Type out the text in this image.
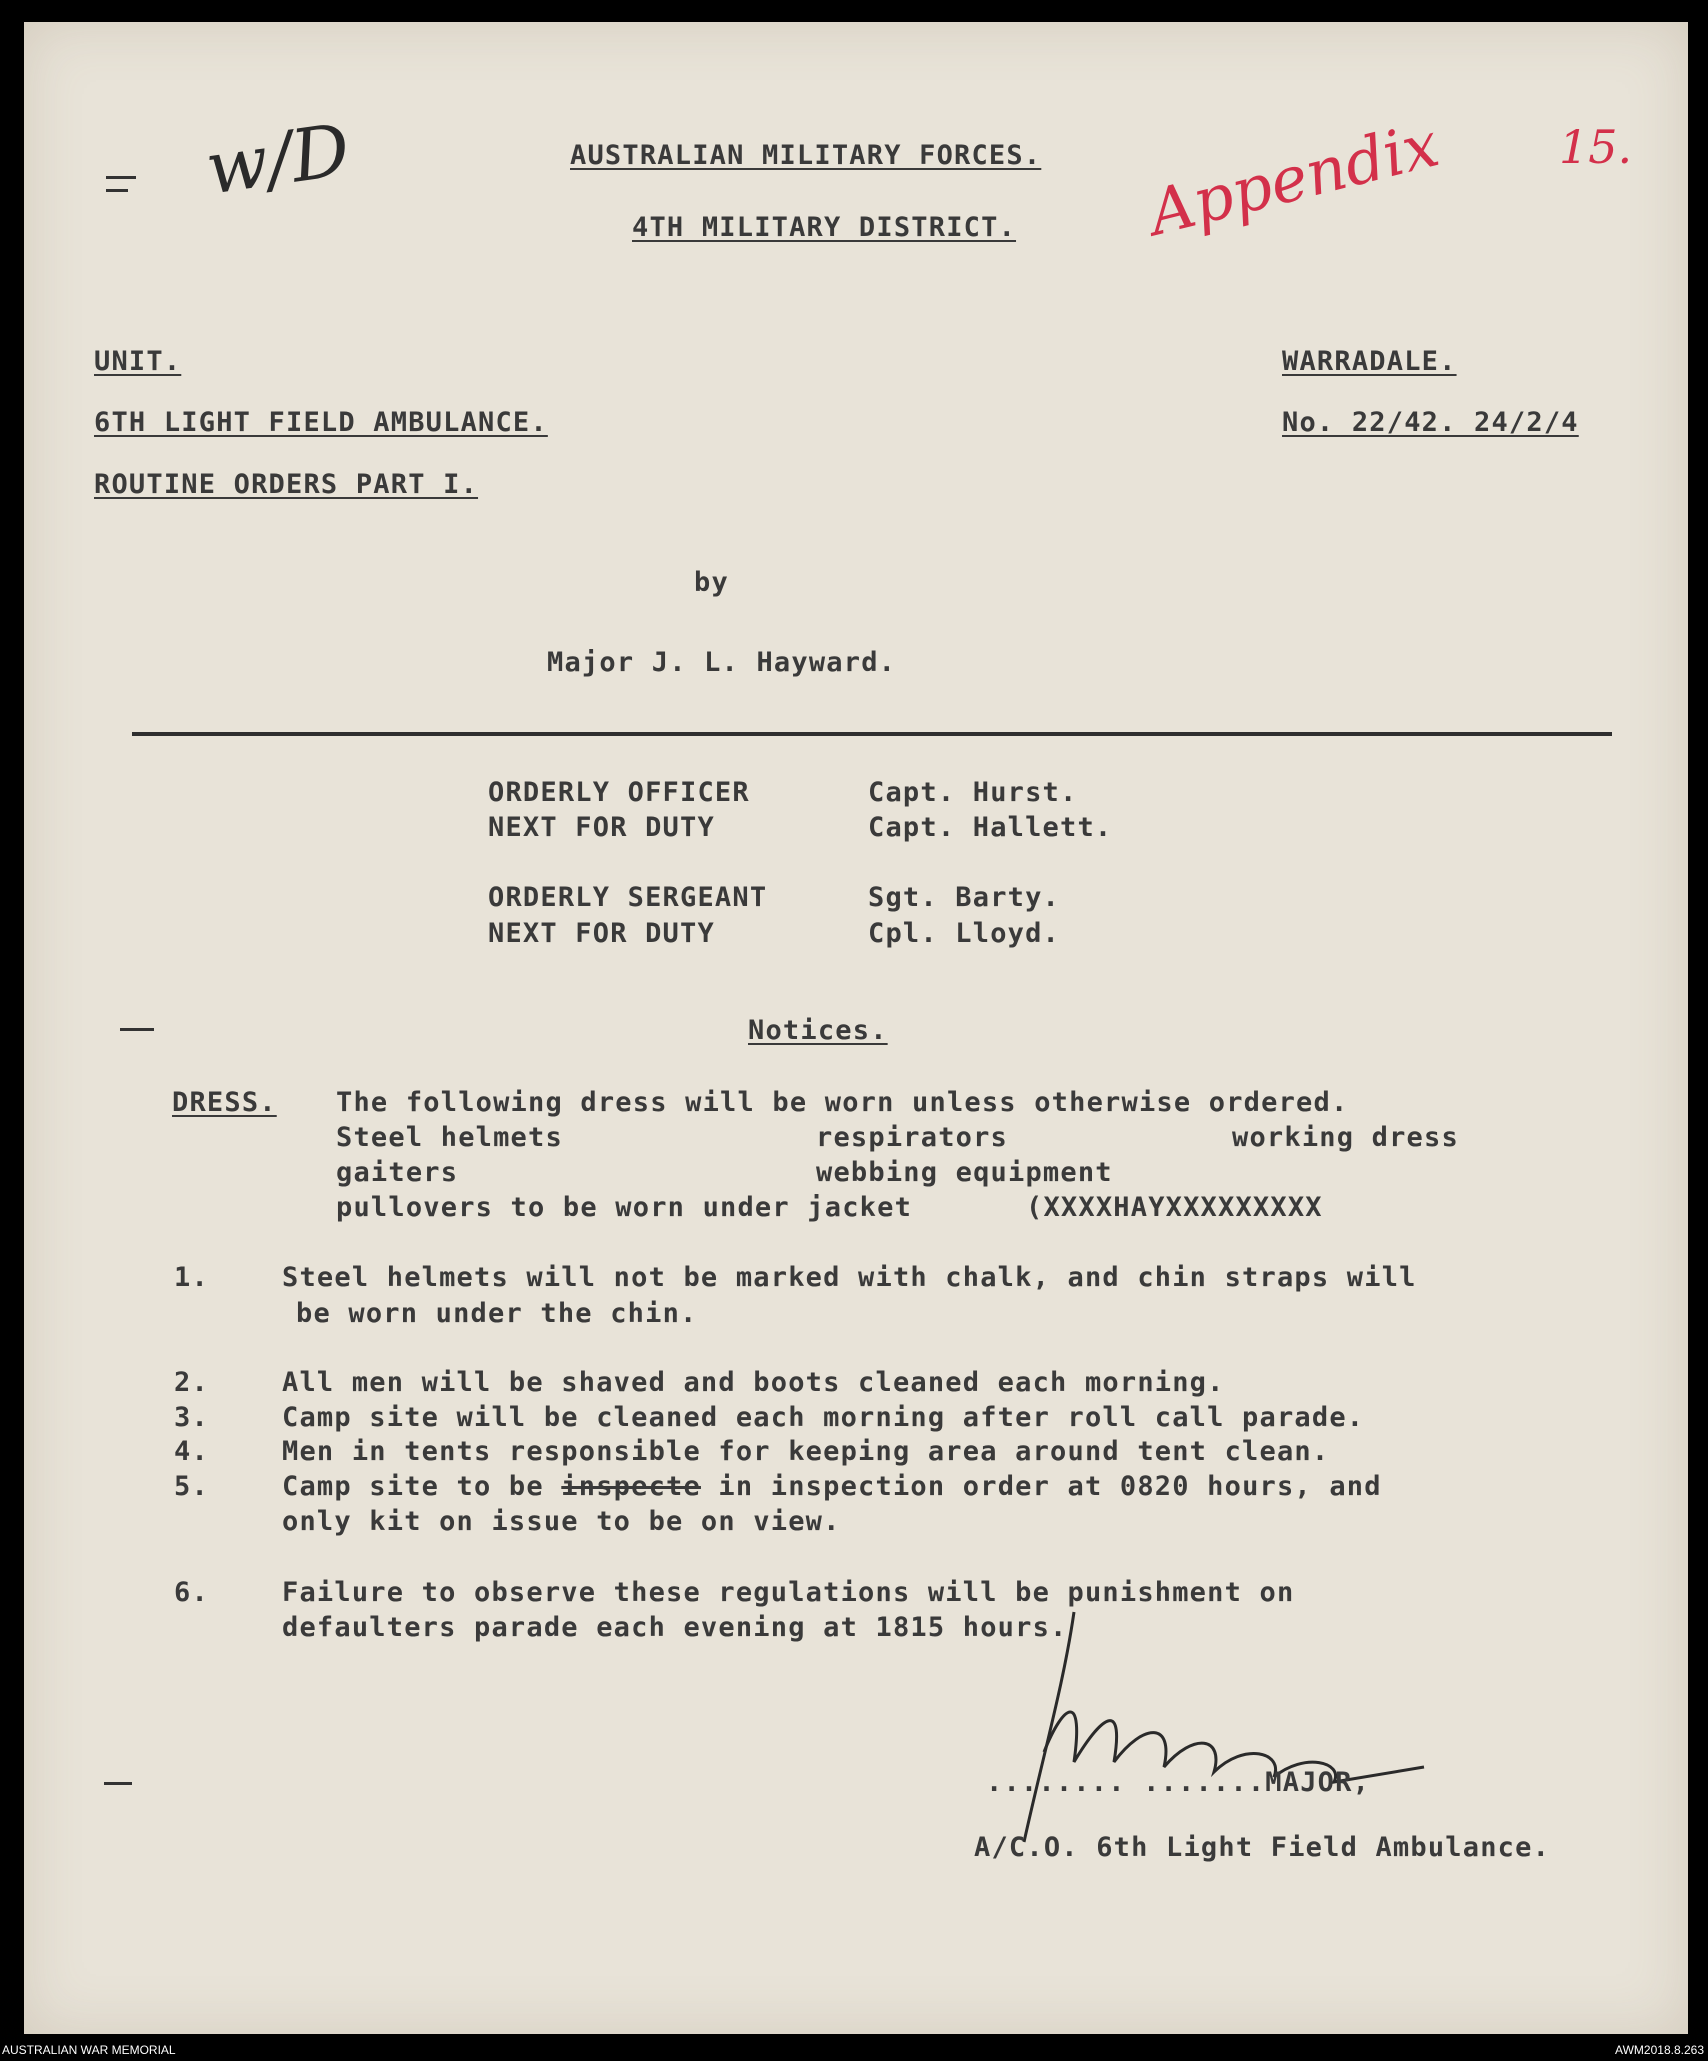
w/D	Appendix 15.
AUSTRALIAN MILITARY FORCES.
4TH MILITARY DISTRICT.
UNIT.
6TH LIGHT FIELD AMBULANCE.
ROUTINE ORDERS PART I.
WARRADALE.
No. 22/42. 24/2/4
by
Major J. L. Hayward.
ORDERLY OFFICER	Capt. Hurst.
NEXT FOR DUTY	Capt. Hallett.
ORDERLY SERGEANT	Sgt. Barty.
NEXT FOR DUTY	Cpl. Lloyd.
Notices.
DRESS. The following dress will be worn unless otherwise ordered.
Steel helmets	respirators	working dress
gaiters	webbing equipment
pullovers to be worn under jacket	(XXXXHAYXXXXXXXXX
1.	Steel helmets will not be marked with chalk, and chin straps will
be worn under the chin.
2.	All men will be shaved and boots cleaned each morning.
3.	Camp site will be cleaned each morning after roll call parade.
4.	Men in tents responsible for keeping area around tent clean.
5.	Camp site to be inspecte in inspection order at 0820 hours, and
only kit on issue to be on view.
6.	Failure to observe these regulations will be punishment on
defaulters parade each evening at 1815 hours.
........ .......MAJOR,
A/C.O. 6th Light Field Ambulance.
AUSTRALIAN WAR MEMORIAL	AWM2018.8.263
